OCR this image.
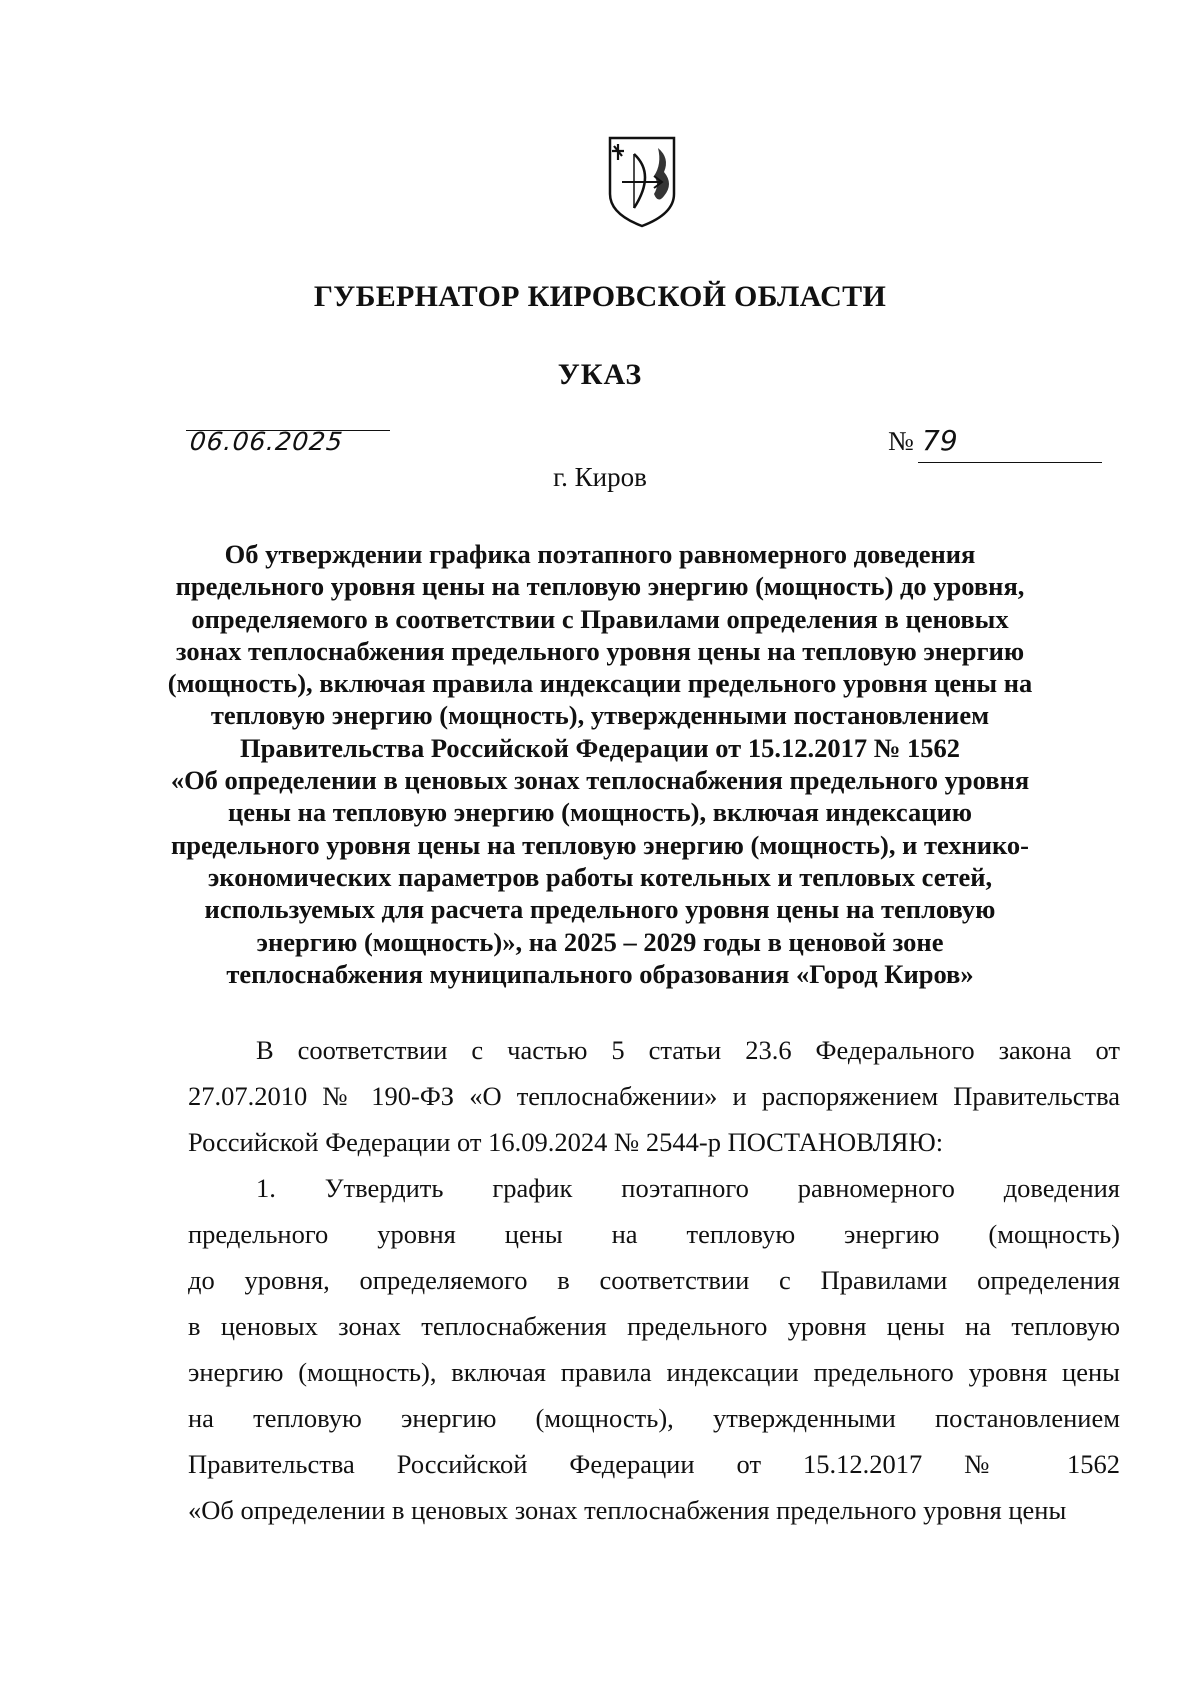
ГУБЕРНАТОР КИРОВСКОЙ ОБЛАСТИ
УКАЗ
06.06.2025	№ 79
г. Киров
Об утверждении графика поэтапного равномерного доведения
предельного уровня цены на тепловую энергию (мощность) до уровня,
определяемого в соответствии с Правилами определения в ценовых
зонах теплоснабжения предельного уровня цены на тепловую энергию
(мощность), включая правила индексации предельного уровня цены на
тепловую энергию (мощность), утвержденными постановлением
Правительства Российской Федерации от 15.12.2017 № 1562
«Об определении в ценовых зонах теплоснабжения предельного уровня
цены на тепловую энергию (мощность), включая индексацию
предельного уровня цены на тепловую энергию (мощность), и технико-
экономических параметров работы котельных и тепловых сетей,
используемых для расчета предельного уровня цены на тепловую
энергию (мощность)», на 2025 – 2029 годы в ценовой зоне
теплоснабжения муниципального образования «Город Киров»
В соответствии с частью 5 статьи 23.6 Федерального закона от
27.07.2010 № 190-ФЗ «О теплоснабжении» и распоряжением Правительства
Российской Федерации от 16.09.2024 № 2544-р ПОСТАНОВЛЯЮ:
1. Утвердить график поэтапного равномерного доведения
предельного уровня цены на тепловую энергию (мощность)
до уровня, определяемого в соответствии с Правилами определения
в ценовых зонах теплоснабжения предельного уровня цены на тепловую
энергию (мощность), включая правила индексации предельного уровня цены
на тепловую энергию (мощность), утвержденными постановлением
Правительства Российской Федерации от 15.12.2017 № 1562
«Об определении в ценовых зонах теплоснабжения предельного уровня цены
